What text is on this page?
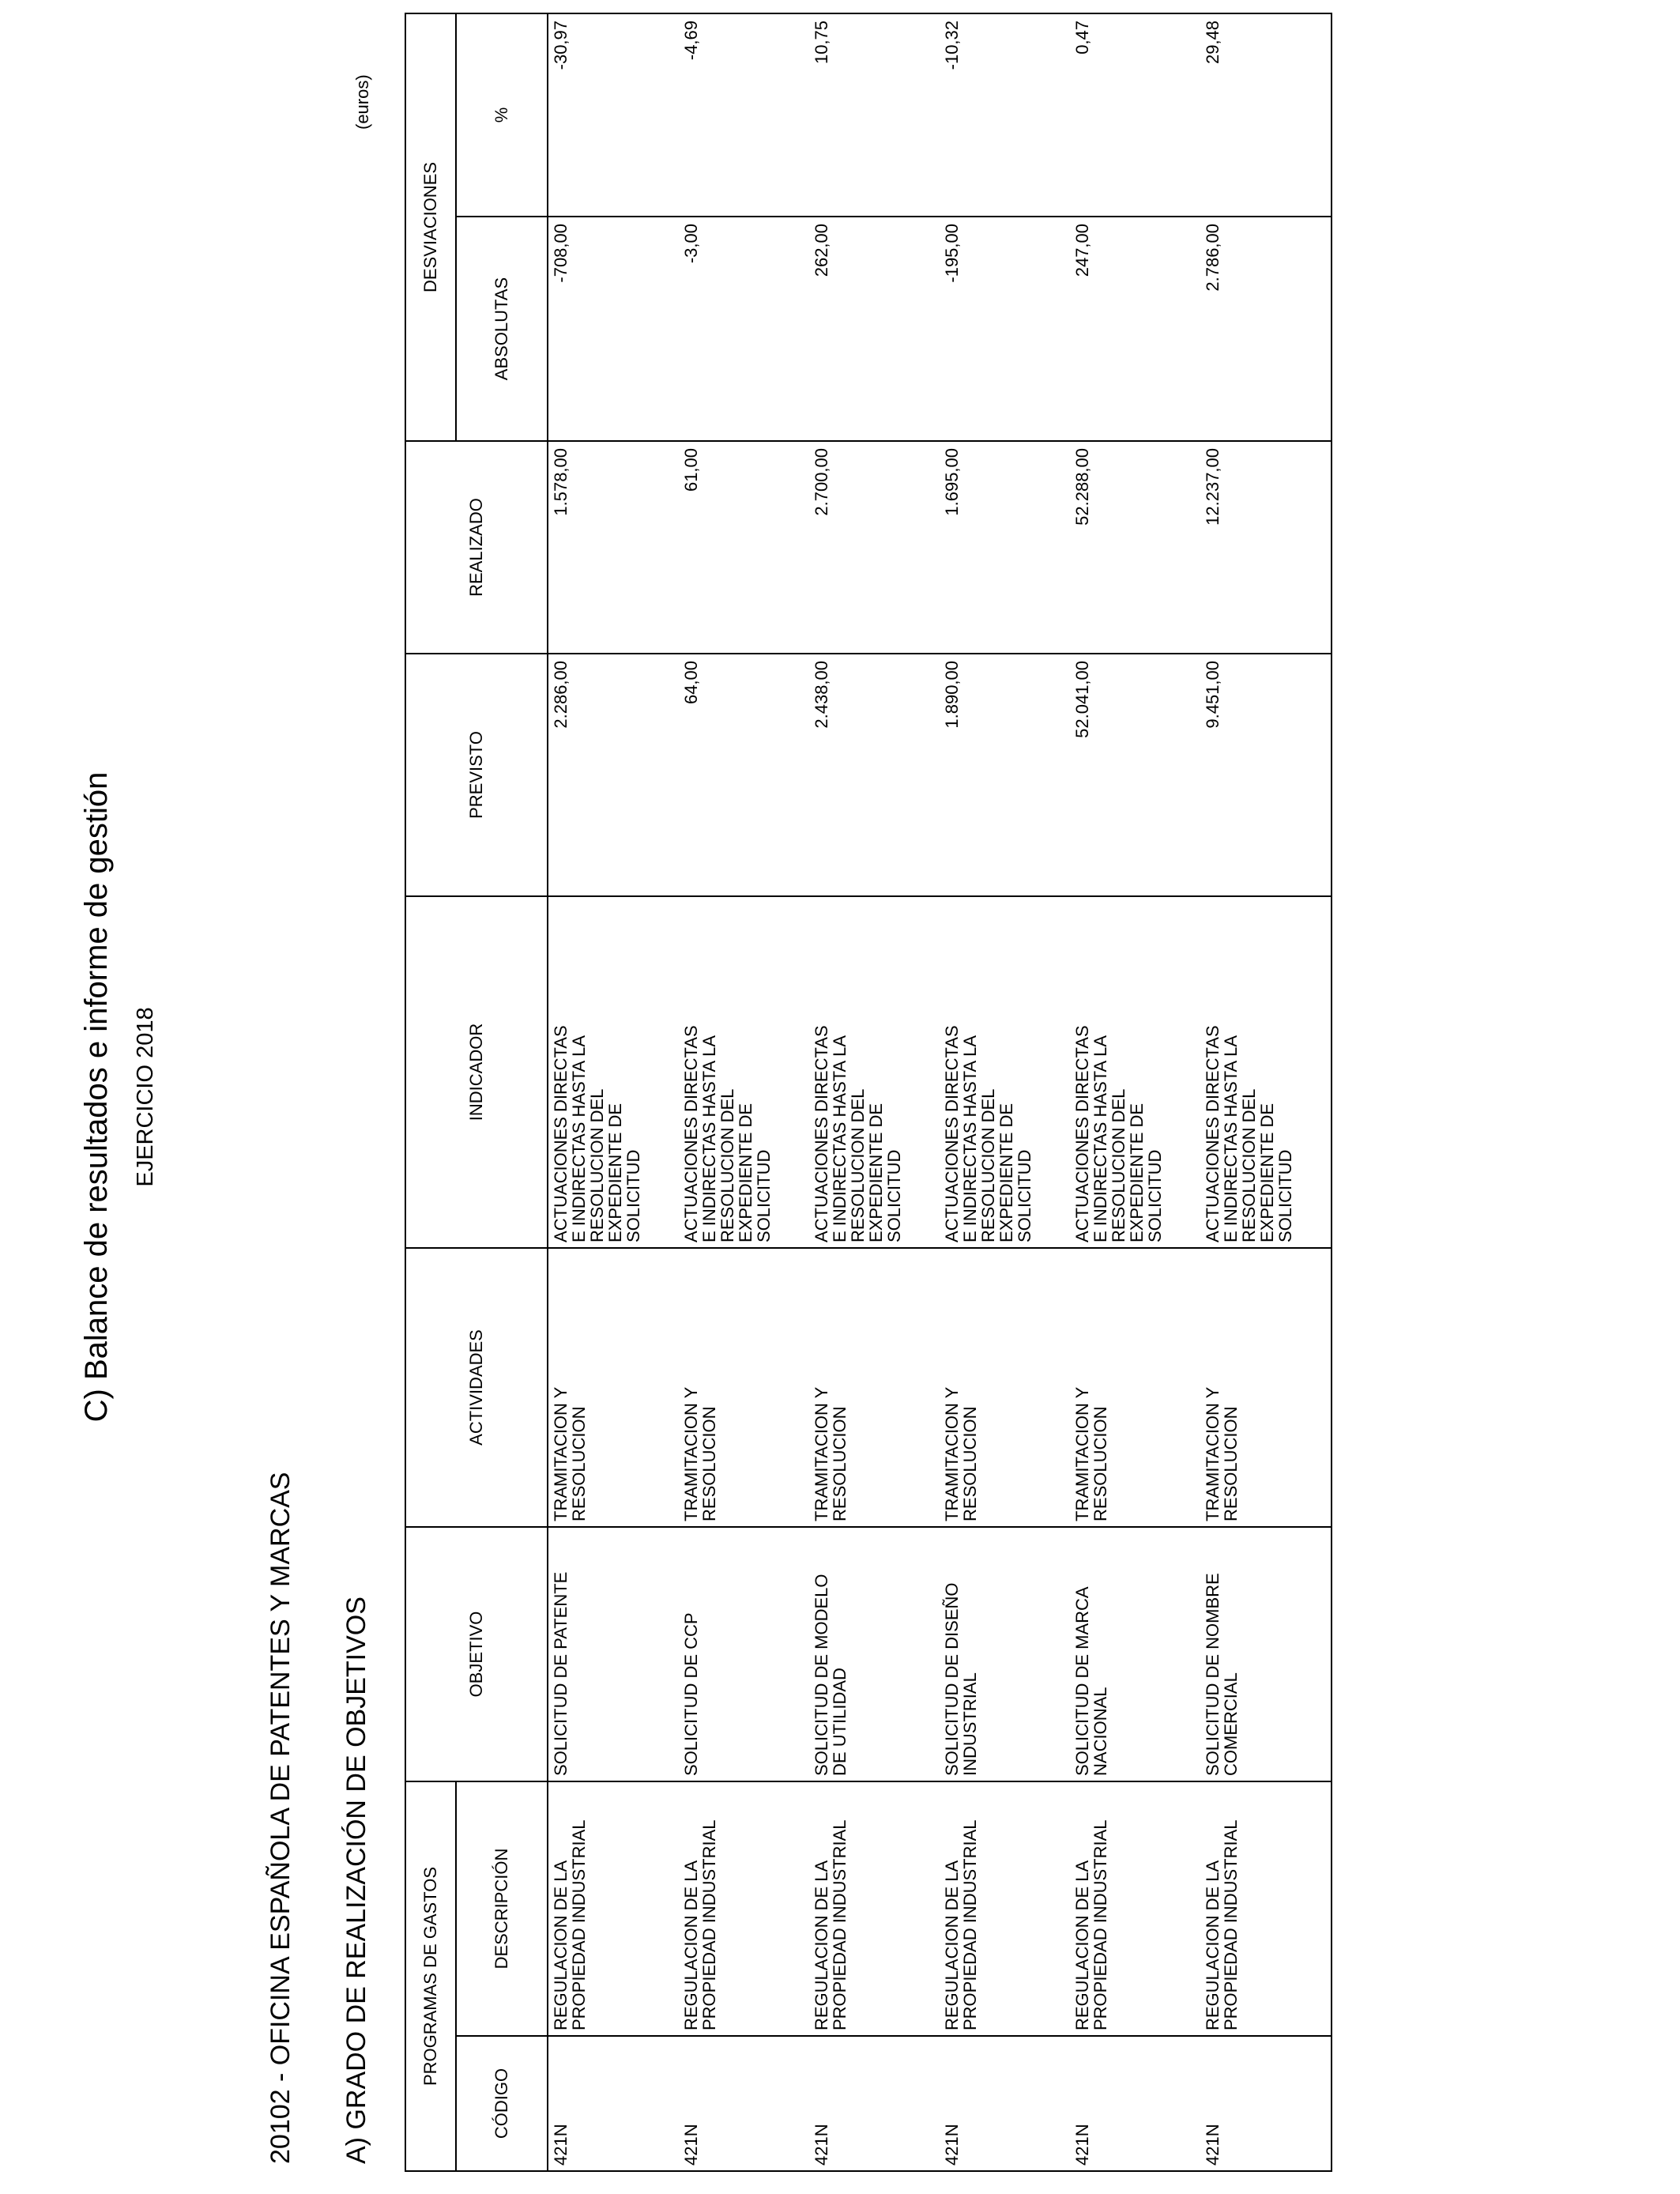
C) Balance de resultados e informe de gestión EJERCICIO 2018
20102 - OFICINA ESPAÑOLA DE PATENTES Y MARCAS A) GRADO DE REALIZACIÓN DE OBJETIVOS
(euros)
PROGRAMAS DE GASTOS		OBJETIVO	ACTIVIDADES	INDICADOR	PREVISTO	REALIZADO	DESVIACIONES	
CÓDIGO	DESCRIPCIÓN						ABSOLUTAS	%

421N	REGULACION DE LA
PROPIEDAD INDUSTRIAL	SOLICITUD DE PATENTE	TRAMITACION Y
RESOLUCION	ACTUACIONES DIRECTAS
E INDIRECTAS HASTA LA
RESOLUCION DEL
EXPEDIENTE DE
SOLICITUD	2.286,00	1.578,00	-708,00	-30,97

421N	REGULACION DE LA
PROPIEDAD INDUSTRIAL	SOLICITUD DE CCP	TRAMITACION Y
RESOLUCION	ACTUACIONES DIRECTAS
E INDIRECTAS HASTA LA
RESOLUCION DEL
EXPEDIENTE DE
SOLICITUD	64,00	61,00	-3,00	-4,69

421N	REGULACION DE LA
PROPIEDAD INDUSTRIAL	SOLICITUD DE MODELO
DE UTILIDAD	TRAMITACION Y
RESOLUCION	ACTUACIONES DIRECTAS
E INDIRECTAS HASTA LA
RESOLUCION DEL
EXPEDIENTE DE
SOLICITUD	2.438,00	2.700,00	262,00	10,75

421N	REGULACION DE LA
PROPIEDAD INDUSTRIAL	SOLICITUD DE DISEÑO
INDUSTRIAL	TRAMITACION Y
RESOLUCION	ACTUACIONES DIRECTAS
E INDIRECTAS HASTA LA
RESOLUCION DEL
EXPEDIENTE DE
SOLICITUD	1.890,00	1.695,00	-195,00	-10,32

421N	REGULACION DE LA
PROPIEDAD INDUSTRIAL	SOLICITUD DE MARCA
NACIONAL	TRAMITACION Y
RESOLUCION	ACTUACIONES DIRECTAS
E INDIRECTAS HASTA LA
RESOLUCION DEL
EXPEDIENTE DE
SOLICITUD	52.041,00	52.288,00	247,00	0,47

421N	REGULACION DE LA
PROPIEDAD INDUSTRIAL	SOLICITUD DE NOMBRE
COMERCIAL	TRAMITACION Y
RESOLUCION	ACTUACIONES DIRECTAS
E INDIRECTAS HASTA LA
RESOLUCION DEL
EXPEDIENTE DE
SOLICITUD	9.451,00	12.237,00	2.786,00	29,48
